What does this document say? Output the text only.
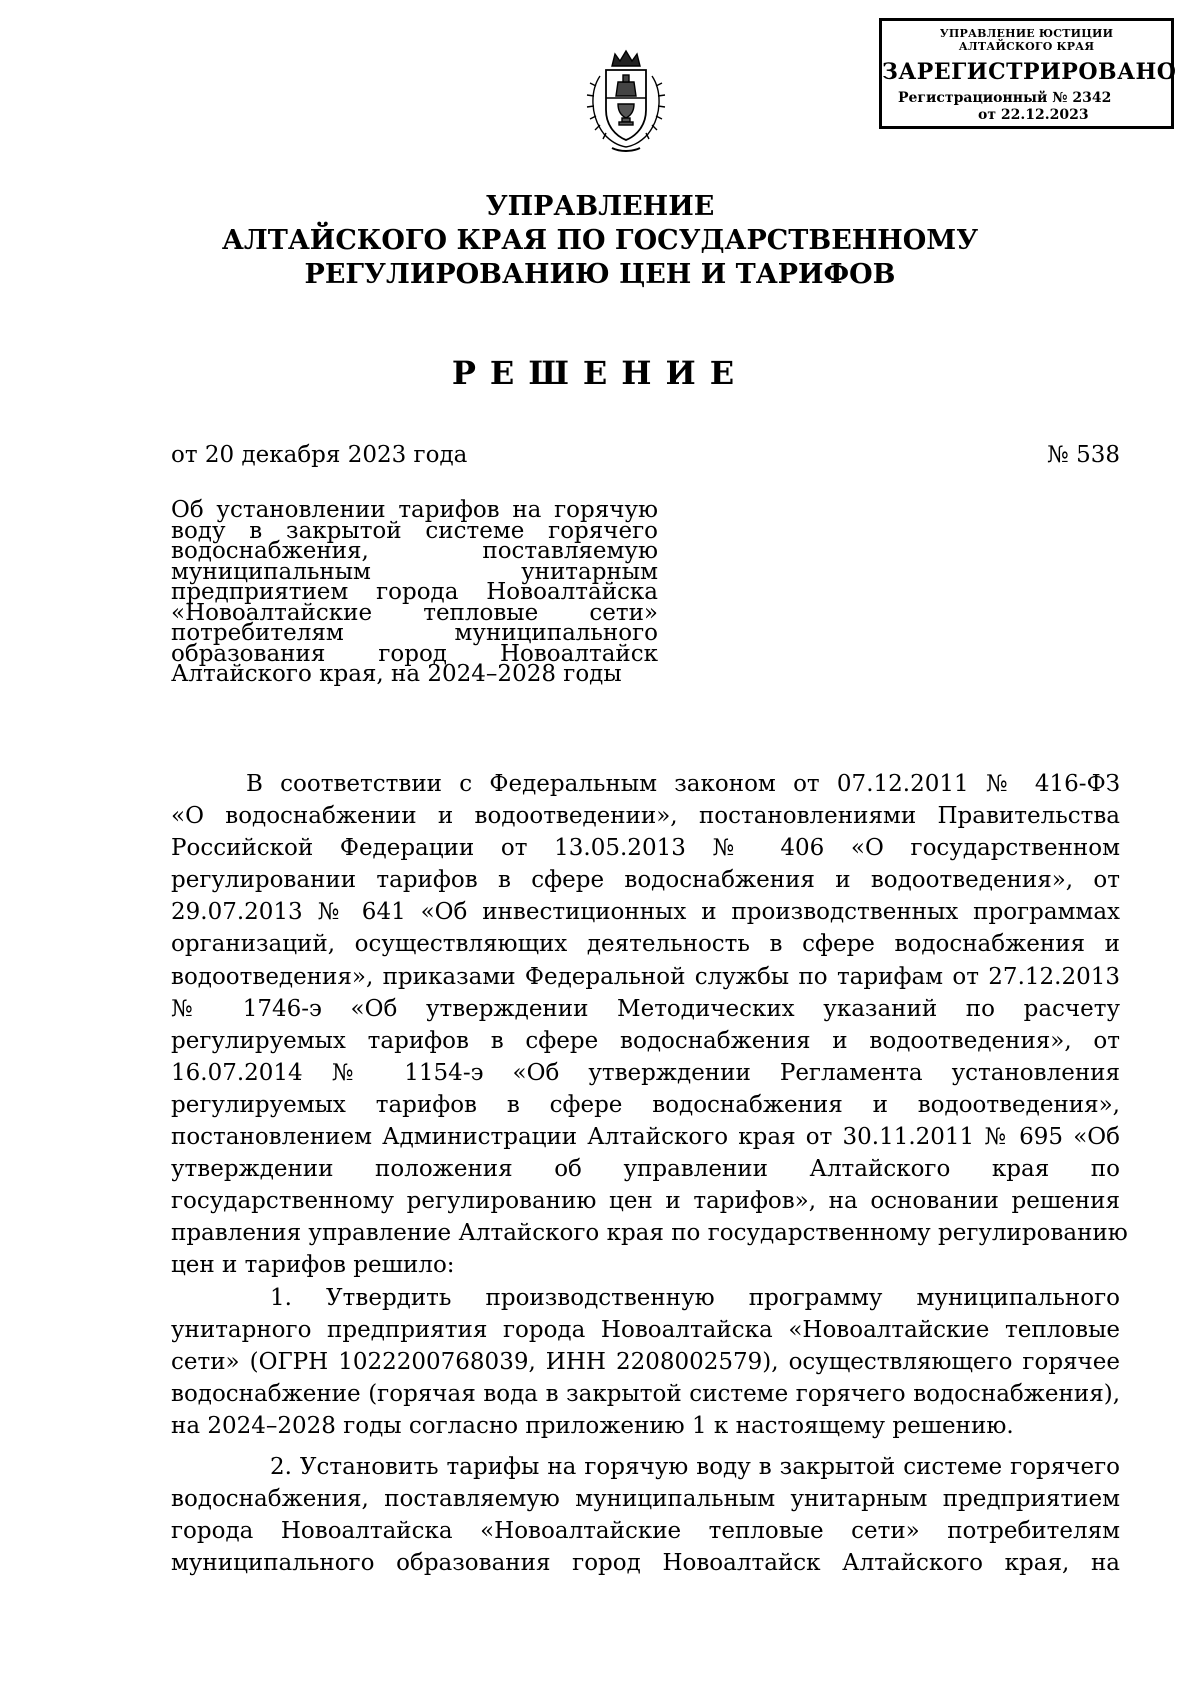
УПРАВЛЕНИЕ ЮСТИЦИИ
АЛТАЙСКОГО КРАЯ
ЗАРЕГИСТРИРОВАНО
Регистрационный № 2342
от 22.12.2023
УПРАВЛЕНИЕ
АЛТАЙСКОГО КРАЯ ПО ГОСУДАРСТВЕННОМУ
РЕГУЛИРОВАНИЮ ЦЕН И ТАРИФОВ
РЕШЕНИЕ
от 20 декабря 2023 года	№ 538
Об установлении тарифов на горячую
воду в закрытой системе горячего
водоснабжения, поставляемую
муниципальным унитарным
предприятием города Новоалтайска
«Новоалтайские тепловые сети»
потребителям муниципального
образования город Новоалтайск
Алтайского края, на 2024–2028 годы
В соответствии с Федеральным законом от 07.12.2011 № 416-ФЗ
«О водоснабжении и водоотведении», постановлениями Правительства
Российской Федерации от 13.05.2013 № 406 «О государственном
регулировании тарифов в сфере водоснабжения и водоотведения», от
29.07.2013 № 641 «Об инвестиционных и производственных программах
организаций, осуществляющих деятельность в сфере водоснабжения и
водоотведения», приказами Федеральной службы по тарифам от 27.12.2013
№ 1746-э «Об утверждении Методических указаний по расчету
регулируемых тарифов в сфере водоснабжения и водоотведения», от
16.07.2014 № 1154-э «Об утверждении Регламента установления
регулируемых тарифов в сфере водоснабжения и водоотведения»,
постановлением Администрации Алтайского края от 30.11.2011 № 695 «Об
утверждении положения об управлении Алтайского края по
государственному регулированию цен и тарифов», на основании решения
правления управление Алтайского края по государственному регулированию
цен и тарифов решило:
1. Утвердить производственную программу муниципального
унитарного предприятия города Новоалтайска «Новоалтайские тепловые
сети» (ОГРН 1022200768039, ИНН 2208002579), осуществляющего горячее
водоснабжение (горячая вода в закрытой системе горячего водоснабжения),
на 2024–2028 годы согласно приложению 1 к настоящему решению.
2. Установить тарифы на горячую воду в закрытой системе горячего
водоснабжения, поставляемую муниципальным унитарным предприятием
города Новоалтайска «Новоалтайские тепловые сети» потребителям
муниципального образования город Новоалтайск Алтайского края, на
